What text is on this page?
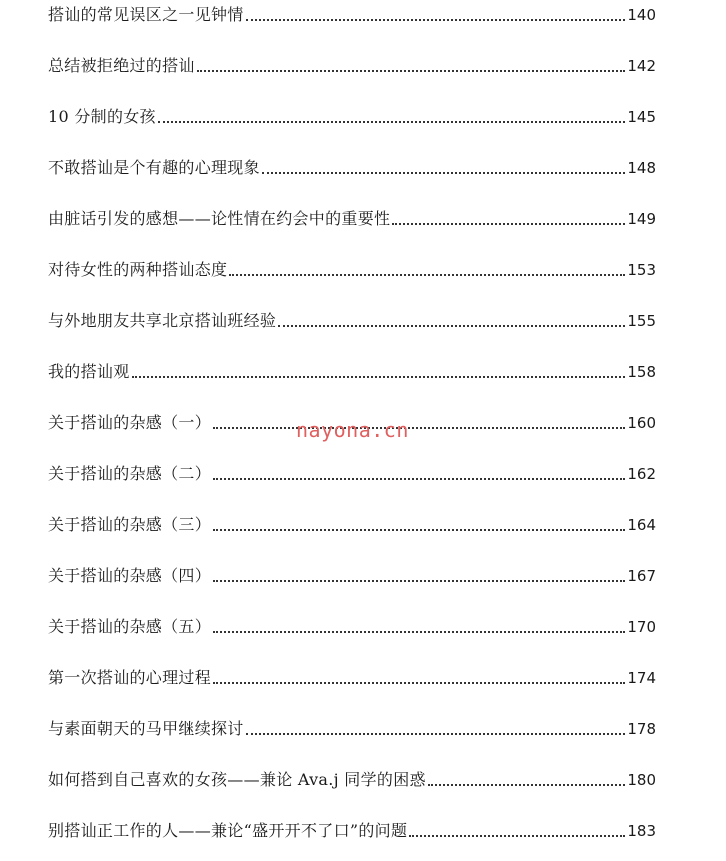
搭讪的常见误区之一见钟情	140
总结被拒绝过的搭讪	142
10 分制的女孩	145
不敢搭讪是个有趣的心理现象	148
由脏话引发的感想——论性情在约会中的重要性	149
对待女性的两种搭讪态度	153
与外地朋友共享北京搭讪班经验	155
我的搭讪观	158
关于搭讪的杂感（一）	160
关于搭讪的杂感（二）	162
关于搭讪的杂感（三）	164
关于搭讪的杂感（四）	167
关于搭讪的杂感（五）	170
第一次搭讪的心理过程	174
与素面朝天的马甲继续探讨	178
如何搭到自己喜欢的女孩——兼论 Ava.j 同学的困惑	180
别搭讪正工作的人——兼论“盛开开不了口”的问题	183
nayona.cn
